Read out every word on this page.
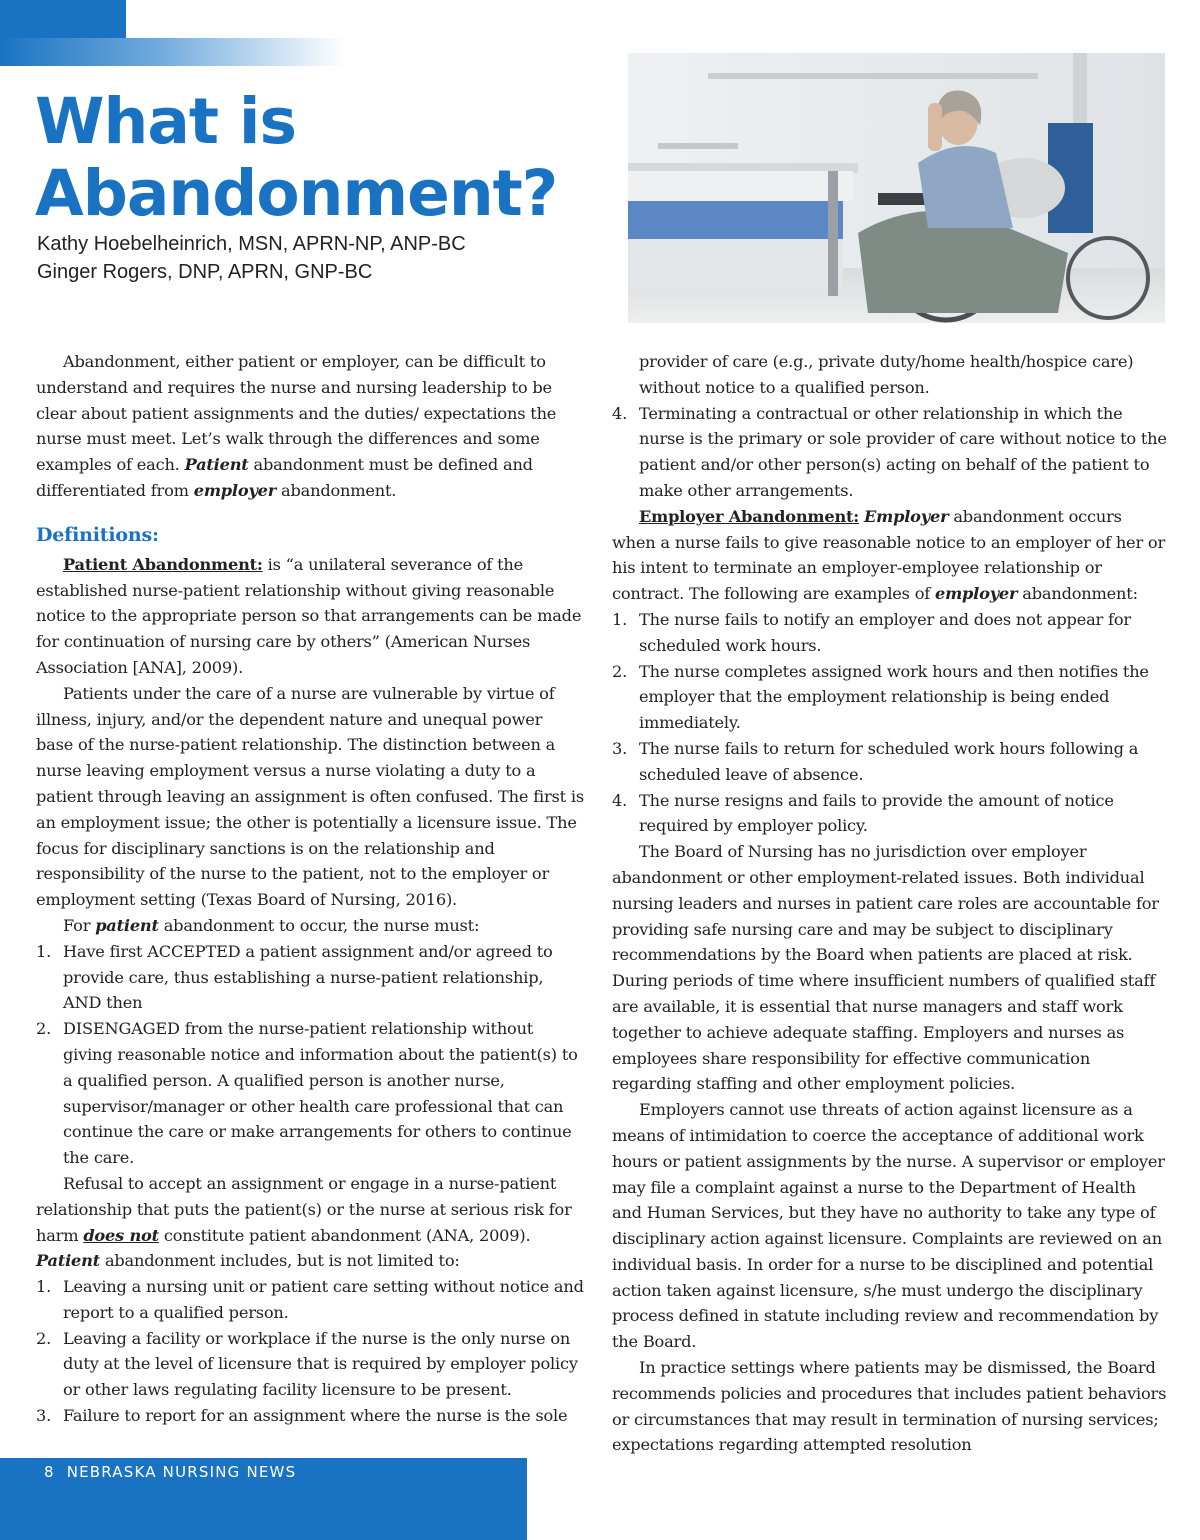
What is
Abandonment?
Kathy Hoebelheinrich, MSN, APRN-NP, ANP-BC
Ginger Rogers, DNP, APRN, GNP-BC

Abandonment, either patient or employer, can be difficult to understand and requires the nurse and nursing leadership to be clear about patient assignments and the duties/ expectations the nurse must meet. Let’s walk through the differences and some examples of each. Patient abandonment must be defined and differentiated from employer abandonment.

Definitions:

Patient Abandonment: is “a unilateral severance of the established nurse-patient relationship without giving reasonable notice to the appropriate person so that arrangements can be made for continuation of nursing care by others” (American Nurses Association [ANA], 2009).

Patients under the care of a nurse are vulnerable by virtue of illness, injury, and/or the dependent nature and unequal power base of the nurse-patient relationship. The distinction between a nurse leaving employment versus a nurse violating a duty to a patient through leaving an assignment is often confused. The first is an employment issue; the other is potentially a licensure issue. The focus for disciplinary sanctions is on the relationship and responsibility of the nurse to the patient, not to the employer or employment setting (Texas Board of Nursing, 2016).

For patient abandonment to occur, the nurse must:

1. Have first ACCEPTED a patient assignment and/or agreed to provide care, thus establishing a nurse-patient relationship, AND then
2. DISENGAGED from the nurse-patient relationship without giving reasonable notice and information about the patient(s) to a qualified person. A qualified person is another nurse, supervisor/manager or other health care professional that can continue the care or make arrangements for others to continue the care.

Refusal to accept an assignment or engage in a nurse-patient relationship that puts the patient(s) or the nurse at serious risk for harm does not constitute patient abandonment (ANA, 2009).

Patient abandonment includes, but is not limited to:

1. Leaving a nursing unit or patient care setting without notice and report to a qualified person.
2. Leaving a facility or workplace if the nurse is the only nurse on duty at the level of licensure that is required by employer policy or other laws regulating facility licensure to be present.
3. Failure to report for an assignment where the nurse is the sole

provider of care (e.g., private duty/home health/hospice care) without notice to a qualified person.

4. Terminating a contractual or other relationship in which the nurse is the primary or sole provider of care without notice to the patient and/or other person(s) acting on behalf of the patient to make other arrangements.

Employer Abandonment: Employer abandonment occurs when a nurse fails to give reasonable notice to an employer of her or his intent to terminate an employer-employee relationship or contract. The following are examples of employer abandonment:

1. The nurse fails to notify an employer and does not appear for scheduled work hours.
2. The nurse completes assigned work hours and then notifies the employer that the employment relationship is being ended immediately.
3. The nurse fails to return for scheduled work hours following a scheduled leave of absence.
4. The nurse resigns and fails to provide the amount of notice required by employer policy.

The Board of Nursing has no jurisdiction over employer abandonment or other employment-related issues. Both individual nursing leaders and nurses in patient care roles are accountable for providing safe nursing care and may be subject to disciplinary recommendations by the Board when patients are placed at risk. During periods of time where insufficient numbers of qualified staff are available, it is essential that nurse managers and staff work together to achieve adequate staffing. Employers and nurses as employees share responsibility for effective communication regarding staffing and other employment policies.

Employers cannot use threats of action against licensure as a means of intimidation to coerce the acceptance of additional work hours or patient assignments by the nurse. A supervisor or employer may file a complaint against a nurse to the Department of Health and Human Services, but they have no authority to take any type of disciplinary action against licensure. Complaints are reviewed on an individual basis. In order for a nurse to be disciplined and potential action taken against licensure, s/he must undergo the disciplinary process defined in statute including review and recommendation by the Board.

In practice settings where patients may be dismissed, the Board recommends policies and procedures that includes patient behaviors or circumstances that may result in termination of nursing services; expectations regarding attempted resolution

8 NEBRASKA NURSING NEWS
